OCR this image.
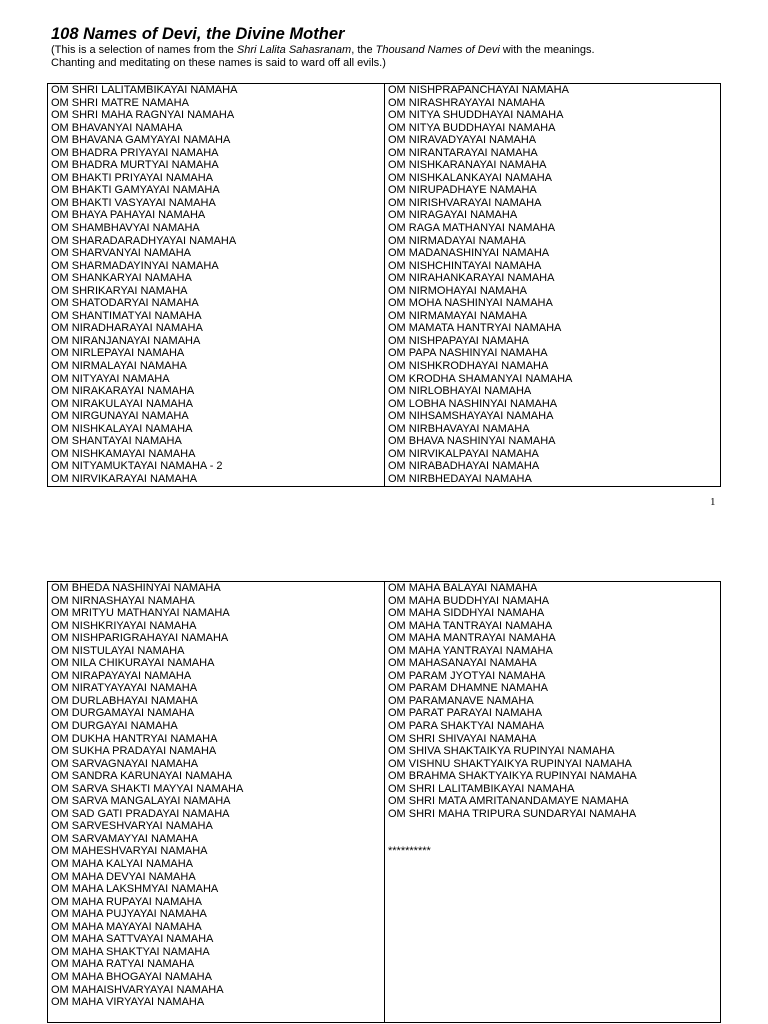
108 Names of Devi, the Divine Mother
(This is a selection of names from the Shri Lalita Sahasranam, the Thousand Names of Devi with the meanings.
Chanting and meditating on these names is said to ward off all evils.)
OM SHRI LALITAMBIKAYAI NAMAHA
OM SHRI MATRE NAMAHA
OM SHRI MAHA RAGNYAI NAMAHA
OM BHAVANYAI NAMAHA
OM BHAVANA GAMYAYAI NAMAHA
OM BHADRA PRIYAYAI NAMAHA
OM BHADRA MURTYAI NAMAHA
OM BHAKTI PRIYAYAI NAMAHA
OM BHAKTI GAMYAYAI NAMAHA
OM BHAKTI VASYAYAI NAMAHA
OM BHAYA PAHAYAI NAMAHA
OM SHAMBHAVYAI NAMAHA
OM SHARADARADHYAYAI NAMAHA
OM SHARVANYAI NAMAHA
OM SHARMADAYINYAI NAMAHA
OM SHANKARYAI NAMAHA
OM SHRIKARYAI NAMAHA
OM SHATODARYAI NAMAHA
OM SHANTIMATYAI NAMAHA
OM NIRADHARAYAI NAMAHA
OM NIRANJANAYAI NAMAHA
OM NIRLEPAYAI NAMAHA
OM NIRMALAYAI NAMAHA
OM NITYAYAI NAMAHA
OM NIRAKARAYAI NAMAHA
OM NIRAKULAYAI NAMAHA
OM NIRGUNAYAI NAMAHA
OM NISHKALAYAI NAMAHA
OM SHANTAYAI NAMAHA
OM NISHKAMAYAI NAMAHA
OM NITYAMUKTAYAI NAMAHA - 2
OM NIRVIKARAYAI NAMAHA
OM NISHPRAPANCHAYAI NAMAHA
OM NIRASHRAYAYAI NAMAHA
OM NITYA SHUDDHAYAI NAMAHA
OM NITYA BUDDHAYAI NAMAHA
OM NIRAVADYAYAI NAMAHA
OM NIRANTARAYAI NAMAHA
OM NISHKARANAYAI NAMAHA
OM NISHKALANKAYAI NAMAHA
OM NIRUPADHAYE NAMAHA
OM NIRISHVARAYAI NAMAHA
OM NIRAGAYAI NAMAHA
OM RAGA MATHANYAI NAMAHA
OM NIRMADAYAI NAMAHA
OM MADANASHINYAI NAMAHA
OM NISHCHINTAYAI NAMAHA
OM NIRAHANKARAYAI NAMAHA
OM NIRMOHAYAI NAMAHA
OM MOHA NASHINYAI NAMAHA
OM NIRMAMAYAI NAMAHA
OM MAMATA HANTRYAI NAMAHA
OM NISHPAPAYAI NAMAHA
OM PAPA NASHINYAI NAMAHA
OM NISHKRODHAYAI NAMAHA
OM KRODHA SHAMANYAI NAMAHA
OM NIRLOBHAYAI NAMAHA
OM LOBHA NASHINYAI NAMAHA
OM NIHSAMSHAYAYAI NAMAHA
OM NIRBHAVAYAI NAMAHA
OM BHAVA NASHINYAI NAMAHA
OM NIRVIKALPAYAI NAMAHA
OM NIRABADHAYAI NAMAHA
OM NIRBHEDAYAI NAMAHA
1
OM BHEDA NASHINYAI NAMAHA
OM NIRNASHAYAI NAMAHA
OM MRITYU MATHANYAI NAMAHA
OM NISHKRIYAYAI NAMAHA
OM NISHPARIGRAHAYAI NAMAHA
OM NISTULAYAI NAMAHA
OM NILA CHIKURAYAI NAMAHA
OM NIRAPAYAYAI NAMAHA
OM NIRATYAYAYAI NAMAHA
OM DURLABHAYAI NAMAHA
OM DURGAMAYAI NAMAHA
OM DURGAYAI NAMAHA
OM DUKHA HANTRYAI NAMAHA
OM SUKHA PRADAYAI NAMAHA
OM SARVAGNAYAI NAMAHA
OM SANDRA KARUNAYAI NAMAHA
OM SARVA SHAKTI MAYYAI NAMAHA
OM SARVA MANGALAYAI NAMAHA
OM SAD GATI PRADAYAI NAMAHA
OM SARVESHVARYAI NAMAHA
OM SARVAMAYYAI NAMAHA
OM MAHESHVARYAI NAMAHA
OM MAHA KALYAI NAMAHA
OM MAHA DEVYAI NAMAHA
OM MAHA LAKSHMYAI NAMAHA
OM MAHA RUPAYAI NAMAHA
OM MAHA PUJYAYAI NAMAHA
OM MAHA MAYAYAI NAMAHA
OM MAHA SATTVAYAI NAMAHA
OM MAHA SHAKTYAI NAMAHA
OM MAHA RATYAI NAMAHA
OM MAHA BHOGAYAI NAMAHA
OM MAHAISHVARYAYAI NAMAHA
OM MAHA VIRYAYAI NAMAHA
OM MAHA BALAYAI NAMAHA
OM MAHA BUDDHYAI NAMAHA
OM MAHA SIDDHYAI NAMAHA
OM MAHA TANTRAYAI NAMAHA
OM MAHA MANTRAYAI NAMAHA
OM MAHA YANTRAYAI NAMAHA
OM MAHASANAYAI NAMAHA
OM PARAM JYOTYAI NAMAHA
OM PARAM DHAMNE NAMAHA
OM PARAMANAVE NAMAHA
OM PARAT PARAYAI NAMAHA
OM PARA SHAKTYAI NAMAHA
OM SHRI SHIVAYAI NAMAHA
OM SHIVA SHAKTAIKYA RUPINYAI NAMAHA
OM VISHNU SHAKTYAIKYA RUPINYAI NAMAHA
OM BRAHMA SHAKTYAIKYA RUPINYAI NAMAHA
OM SHRI LALITAMBIKAYAI NAMAHA
OM SHRI MATA AMRITANANDAMAYE NAMAHA
OM SHRI MAHA TRIPURA SUNDARYAI NAMAHA
**********
